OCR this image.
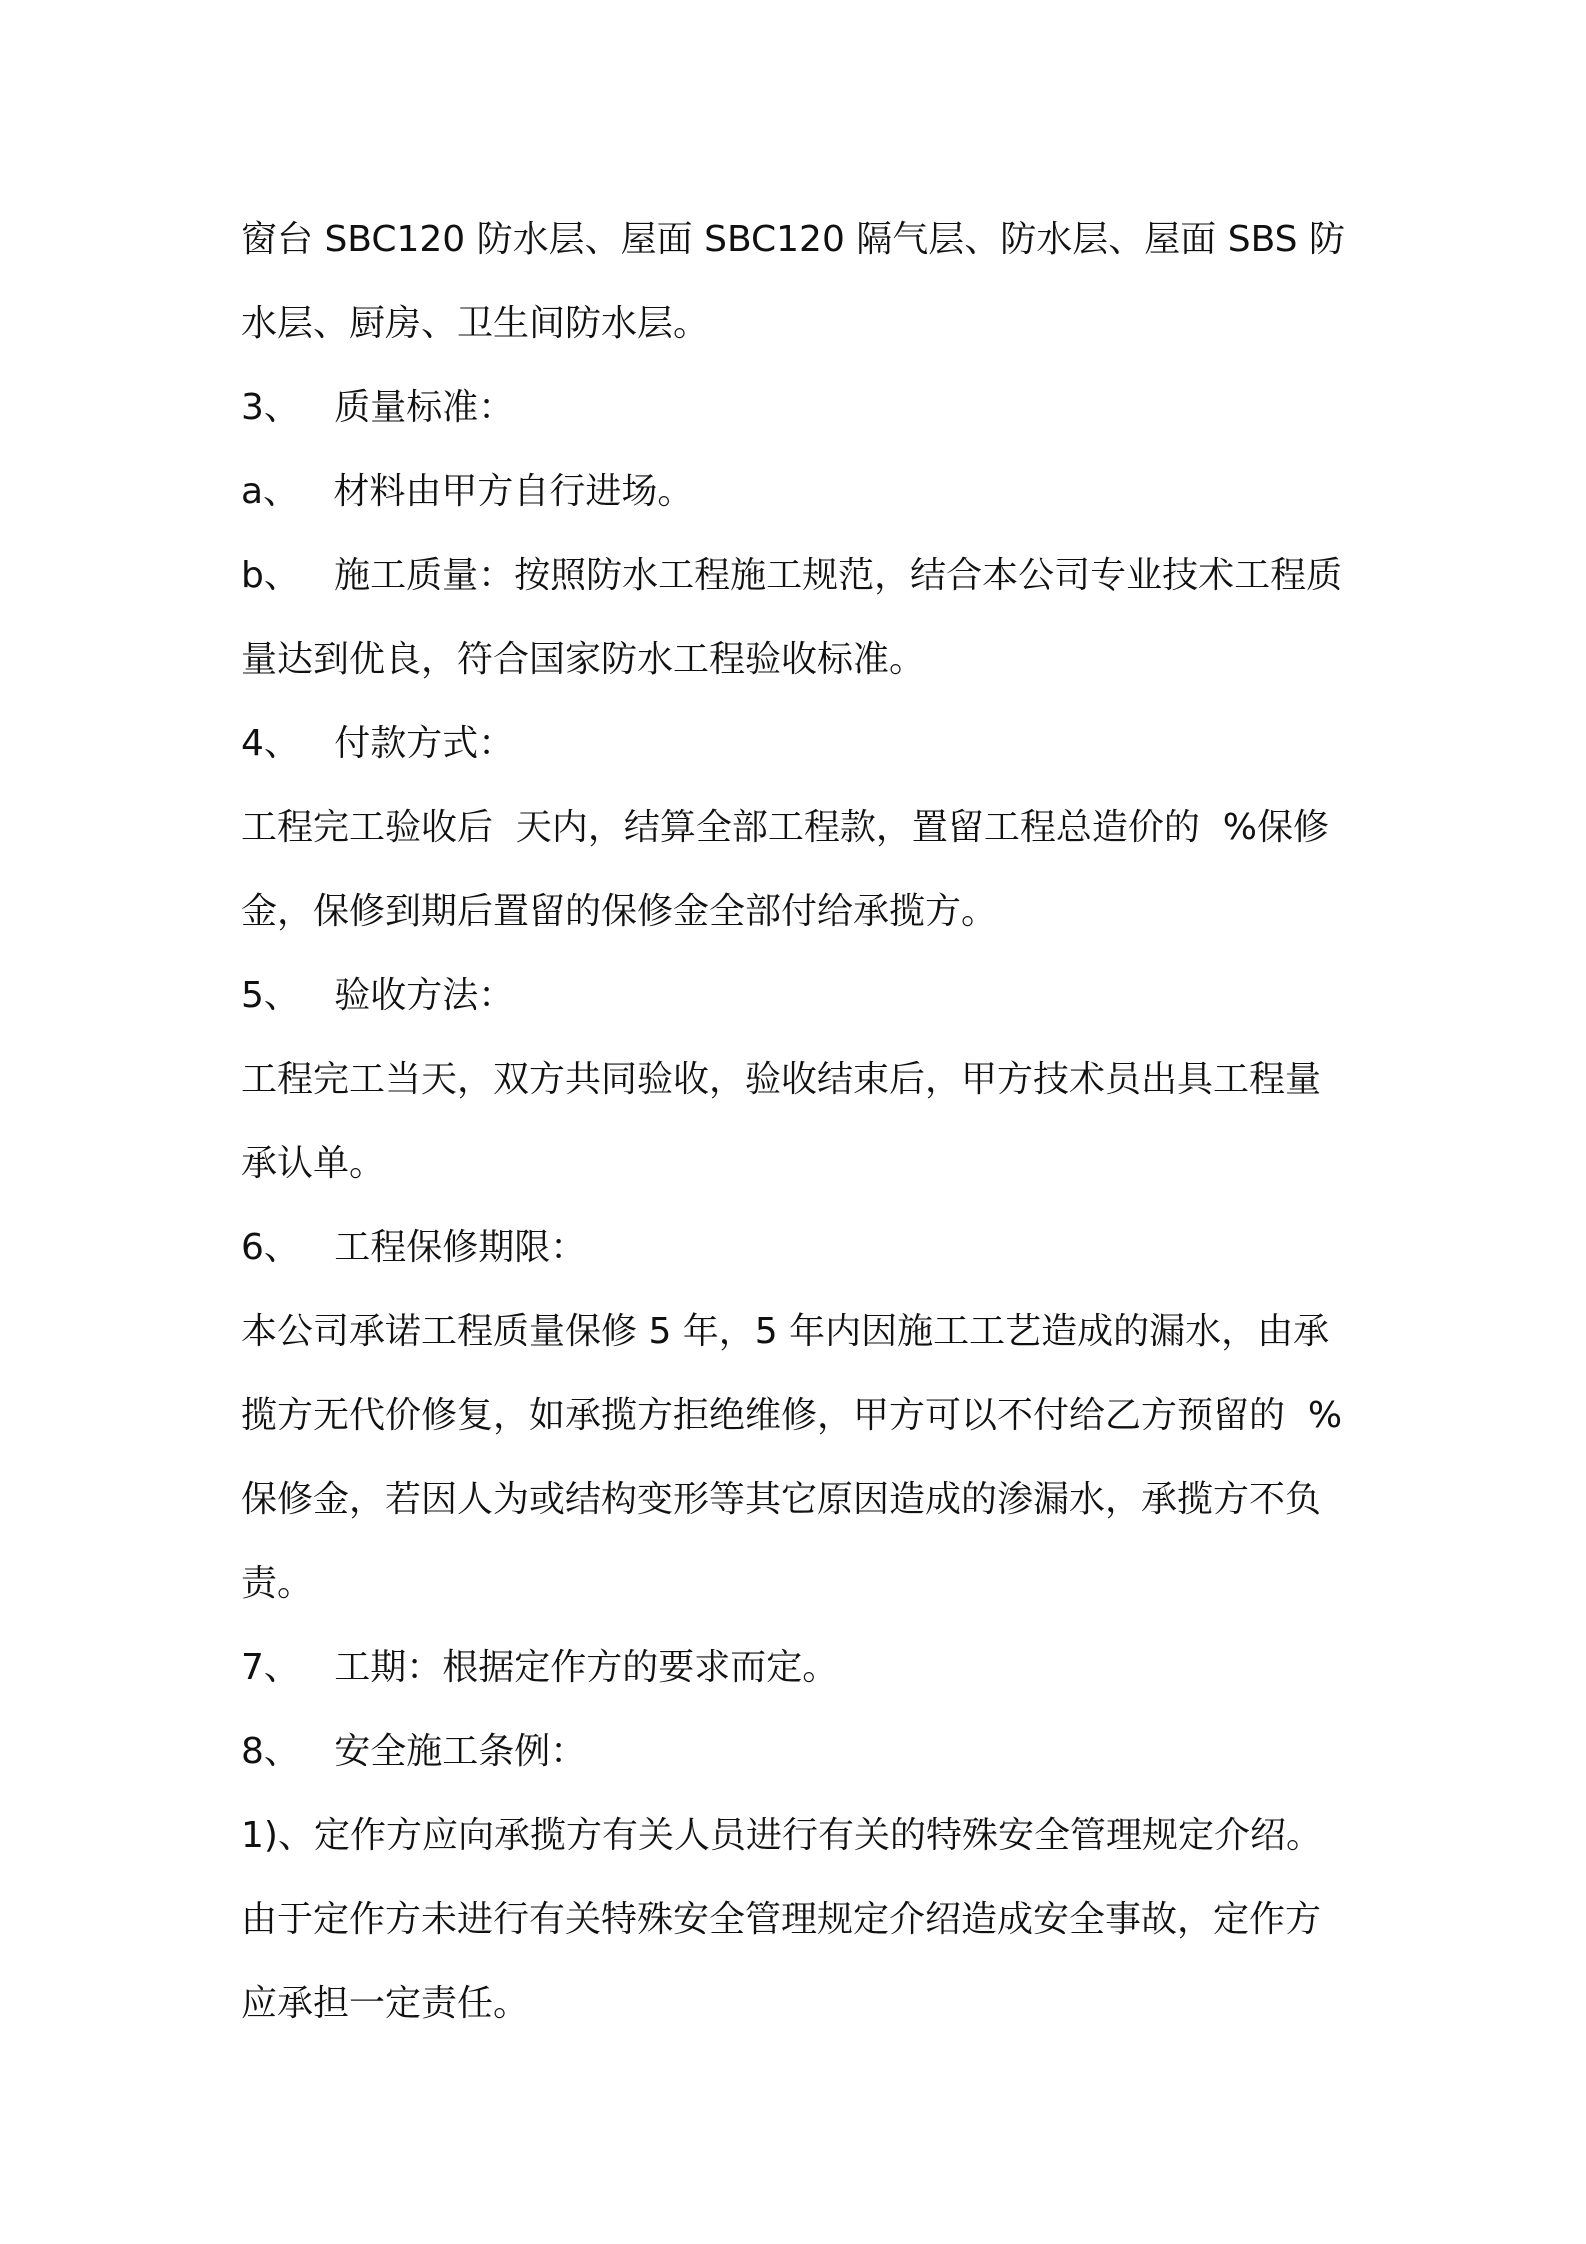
窗台 SBC120 防水层、屋面 SBC120 隔气层、防水层、屋面 SBS 防
水层、厨房、卫生间防水层。
3、   质量标准：
a、   材料由甲方自行进场。
b、   施工质量：按照防水工程施工规范，结合本公司专业技术工程质
量达到优良，符合国家防水工程验收标准。
4、   付款方式：
工程完工验收后  天内，结算全部工程款，置留工程总造价的  %保修
金，保修到期后置留的保修金全部付给承揽方。
5、   验收方法：
工程完工当天，双方共同验收，验收结束后，甲方技术员出具工程量
承认单。
6、   工程保修期限：
本公司承诺工程质量保修 5 年，5 年内因施工工艺造成的漏水，由承
揽方无代价修复，如承揽方拒绝维修，甲方可以不付给乙方预留的  %
保修金，若因人为或结构变形等其它原因造成的渗漏水，承揽方不负
责。
7、   工期：根据定作方的要求而定。
8、   安全施工条例：
1)、定作方应向承揽方有关人员进行有关的特殊安全管理规定介绍。
由于定作方未进行有关特殊安全管理规定介绍造成安全事故，定作方
应承担一定责任。
